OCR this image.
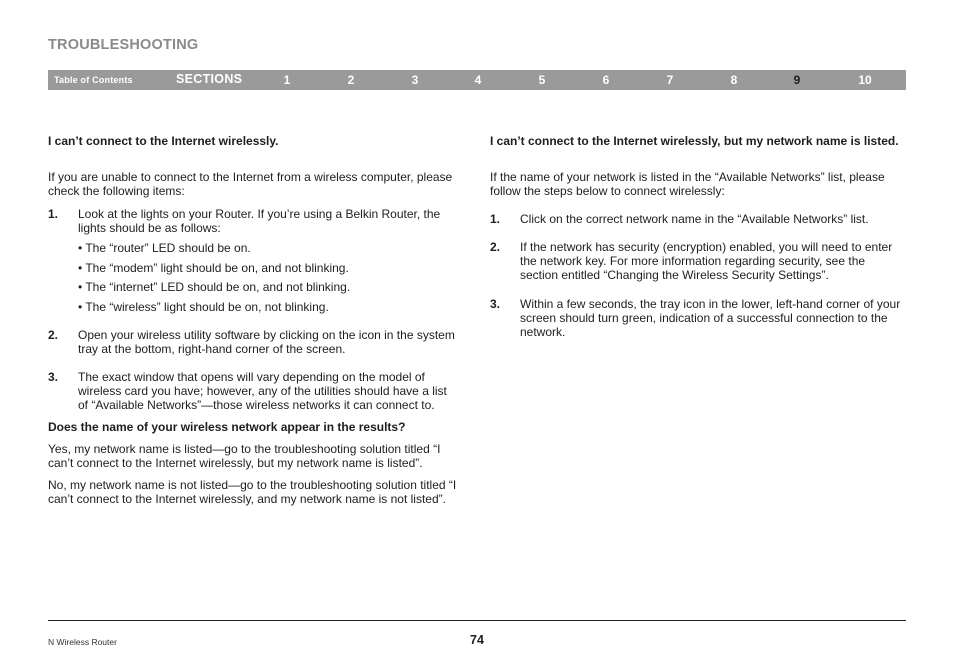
TROUBLESHOOTING
Table of Contents	SECTIONS	1	2	3	4	5	6	7	8	9	10

I can’t connect to the Internet wirelessly.

If you are unable to connect to the Internet from a wireless computer, please check the following items:

1. Look at the lights on your Router. If you’re using a Belkin Router, the lights should be as follows:
• The “router” LED should be on.
• The “modem” light should be on, and not blinking.
• The “internet” LED should be on, and not blinking.
• The “wireless” light should be on, not blinking.
2. Open your wireless utility software by clicking on the icon in the system tray at the bottom, right-hand corner of the screen.
3. The exact window that opens will vary depending on the model of wireless card you have; however, any of the utilities should have a list of “Available Networks”—those wireless networks it can connect to.

Does the name of your wireless network appear in the results?

Yes, my network name is listed—go to the troubleshooting solution titled “I can’t connect to the Internet wirelessly, but my network name is listed”.

No, my network name is not listed—go to the troubleshooting solution titled “I can’t connect to the Internet wirelessly, and my network name is not listed”.

I can’t connect to the Internet wirelessly, but my network name is listed.

If the name of your network is listed in the “Available Networks” list, please follow the steps below to connect wirelessly:

1. Click on the correct network name in the “Available Networks” list.
2. If the network has security (encryption) enabled, you will need to enter the network key. For more information regarding security, see the section entitled “Changing the Wireless Security Settings”.
3. Within a few seconds, the tray icon in the lower, left-hand corner of your screen should turn green, indication of a successful connection to the network.
N Wireless Router	74
